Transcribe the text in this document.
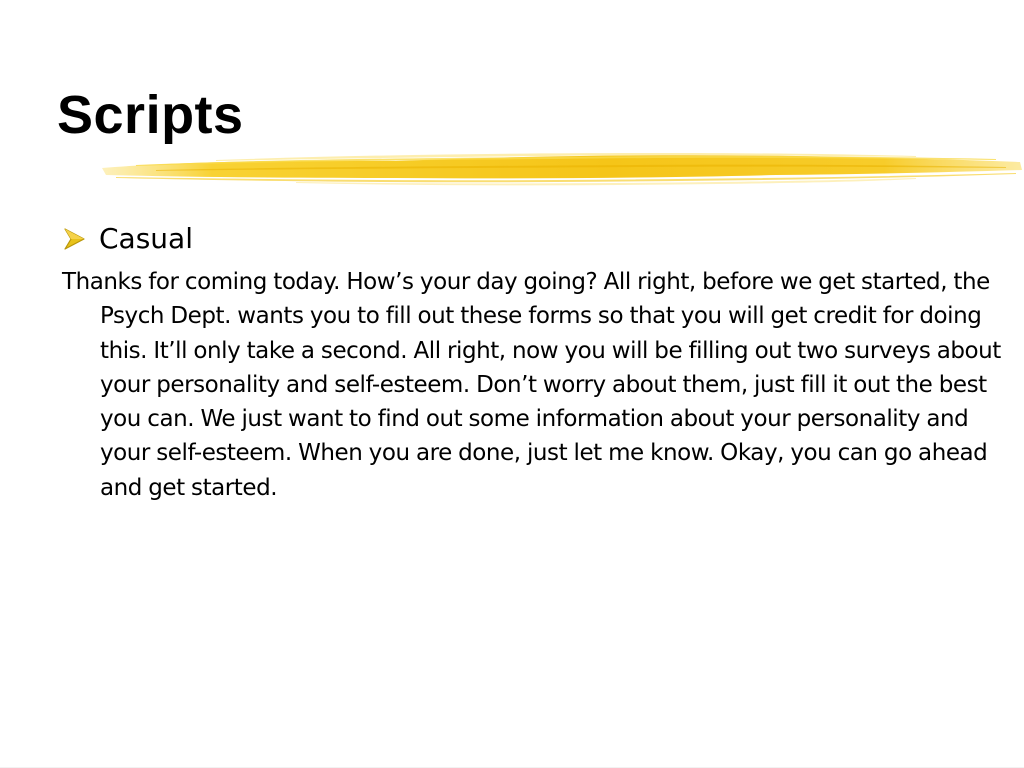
Scripts
Casual

Thanks for coming today. How’s your day going? All right, before we get started, the Psych Dept. wants you to fill out these forms so that you will get credit for doing this. It’ll only take a second. All right, now you will be filling out two surveys about your personality and self-esteem. Don’t worry about them, just fill it out the best you can. We just want to find out some information about your personality and your self-esteem. When you are done, just let me know. Okay, you can go ahead and get started.
